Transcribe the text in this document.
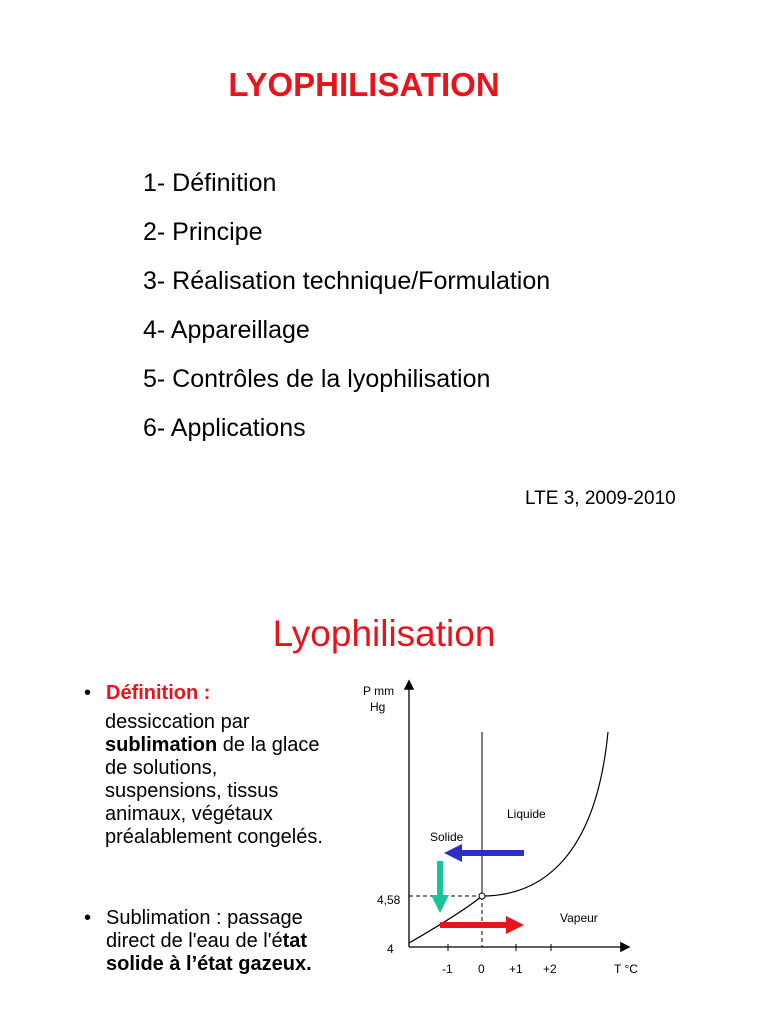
LYOPHILISATION
1- Définition
2- Principe
3- Réalisation technique/Formulation
4- Appareillage
5- Contrôles de la lyophilisation
6- Applications
LTE 3, 2009-2010
Lyophilisation
• Définition :
dessiccation par
sublimation de la glace de solutions, suspensions, tissus animaux, végétaux préalablement congelés.
• Sublimation : passage direct de l'eau de l'état solide à l’état gazeux.
P mm
Hg
Liquide
Solide
Vapeur
4,58
4
-1 0 +1 +2	T °C
